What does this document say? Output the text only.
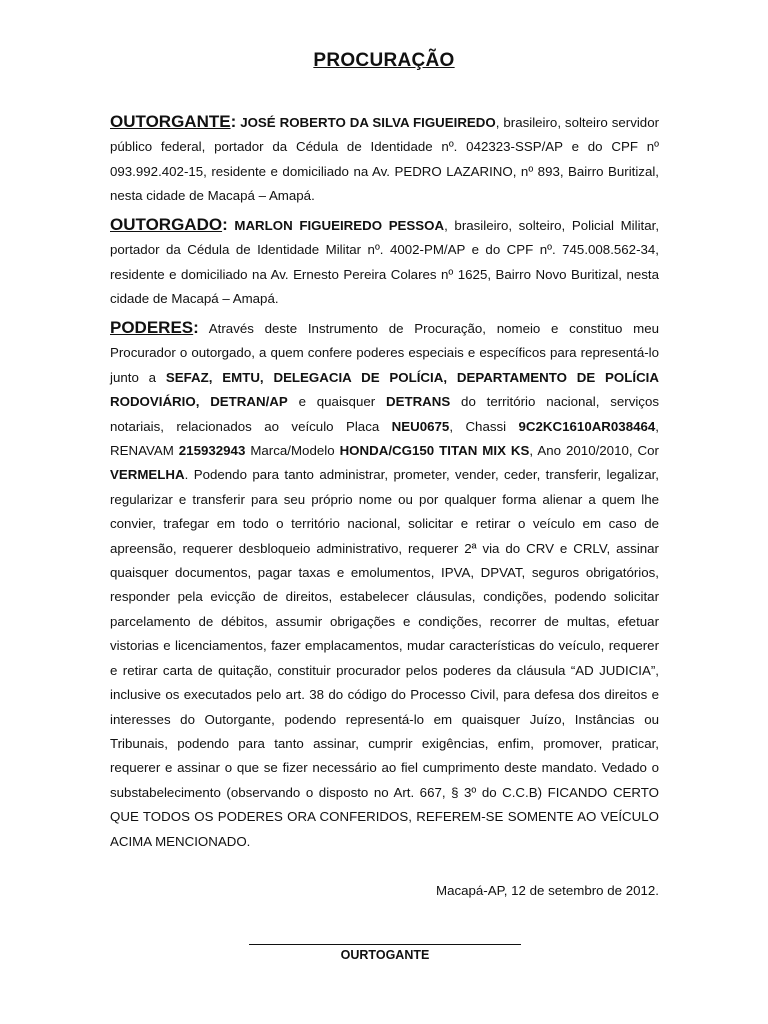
PROCURAÇÃO

OUTORGANTE: JOSÉ ROBERTO DA SILVA FIGUEIREDO, brasileiro, solteiro servidor público federal, portador da Cédula de Identidade nº. 042323-SSP/AP e do CPF nº 093.992.402-15, residente e domiciliado na Av. PEDRO LAZARINO, nº 893, Bairro Buritizal, nesta cidade de Macapá – Amapá.

OUTORGADO: MARLON FIGUEIREDO PESSOA, brasileiro, solteiro, Policial Militar, portador da Cédula de Identidade Militar nº. 4002-PM/AP e do CPF nº. 745.008.562-34, residente e domiciliado na Av. Ernesto Pereira Colares nº 1625, Bairro Novo Buritizal, nesta cidade de Macapá – Amapá.

PODERES: Através deste Instrumento de Procuração, nomeio e constituo meu Procurador o outorgado, a quem confere poderes especiais e específicos para representá-lo junto a SEFAZ, EMTU, DELEGACIA DE POLÍCIA, DEPARTAMENTO DE POLÍCIA RODOVIÁRIO, DETRAN/AP e quaisquer DETRANS do território nacional, serviços notariais, relacionados ao veículo Placa NEU0675, Chassi 9C2KC1610AR038464, RENAVAM 215932943 Marca/Modelo HONDA/CG150 TITAN MIX KS, Ano 2010/2010, Cor VERMELHA. Podendo para tanto administrar, prometer, vender, ceder, transferir, legalizar, regularizar e transferir para seu próprio nome ou por qualquer forma alienar a quem lhe convier, trafegar em todo o território nacional, solicitar e retirar o veículo em caso de apreensão, requerer desbloqueio administrativo, requerer 2ª via do CRV e CRLV, assinar quaisquer documentos, pagar taxas e emolumentos, IPVA, DPVAT, seguros obrigatórios, responder pela evicção de direitos, estabelecer cláusulas, condições, podendo solicitar parcelamento de débitos, assumir obrigações e condições, recorrer de multas, efetuar vistorias e licenciamentos, fazer emplacamentos, mudar características do veículo, requerer e retirar carta de quitação, constituir procurador pelos poderes da cláusula “AD JUDICIA”, inclusive os executados pelo art. 38 do código do Processo Civil, para defesa dos direitos e interesses do Outorgante, podendo representá-lo em quaisquer Juízo, Instâncias ou Tribunais, podendo para tanto assinar, cumprir exigências, enfim, promover, praticar, requerer e assinar o que se fizer necessário ao fiel cumprimento deste mandato. Vedado o substabelecimento (observando o disposto no Art. 667, § 3º do C.C.B) FICANDO CERTO QUE TODOS OS PODERES ORA CONFERIDOS, REFEREM-SE SOMENTE AO VEÍCULO ACIMA MENCIONADO.

Macapá-AP, 12 de setembro de 2012.
OURTOGANTE
